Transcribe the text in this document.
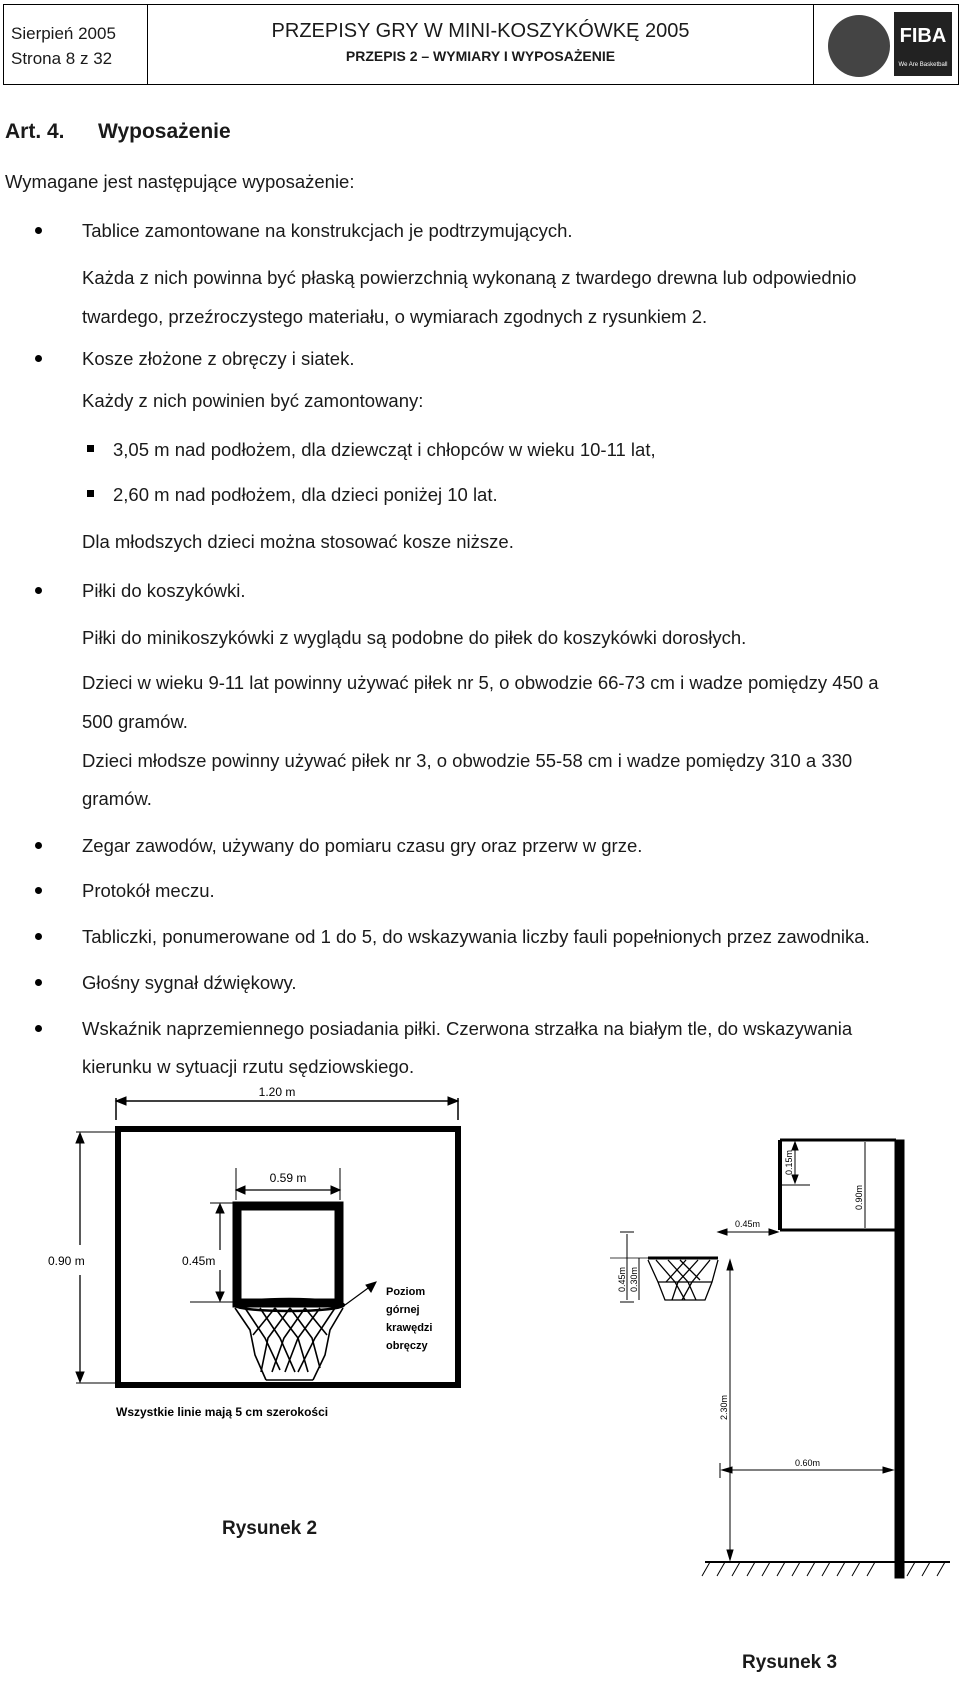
Sierpień 2005
Strona 8 z 32
PRZEPISY GRY W MINI-KOSZYKÓWKĘ 2005
PRZEPIS 2 – WYMIARY I WYPOSAŻENIE
FIBA
We Are Basketball
Art. 4. Wyposażenie
Wymagane jest następujące wyposażenie:
Tablice zamontowane na konstrukcjach je podtrzymujących.
Każda z nich powinna być płaską powierzchnią wykonaną z twardego drewna lub odpowiednio
twardego, przeźroczystego materiału, o wymiarach zgodnych z rysunkiem 2.
Kosze złożone z obręczy i siatek.
Każdy z nich powinien być zamontowany:
3,05 m nad podłożem, dla dziewcząt i chłopców w wieku 10-11 lat,
2,60 m nad podłożem, dla dzieci poniżej 10 lat.
Dla młodszych dzieci można stosować kosze niższe.
Piłki do koszykówki.
Piłki do minikoszykówki z wyglądu są podobne do piłek do koszykówki dorosłych.
Dzieci w wieku 9-11 lat powinny używać piłek nr 5, o obwodzie 66-73 cm i wadze pomiędzy 450 a
500 gramów.
Dzieci młodsze powinny używać piłek nr 3, o obwodzie 55-58 cm i wadze pomiędzy 310 a 330
gramów.
Zegar zawodów, używany do pomiaru czasu gry oraz przerw w grze.
Protokół meczu.
Tabliczki, ponumerowane od 1 do 5, do wskazywania liczby fauli popełnionych przez zawodnika.
Głośny sygnał dźwiękowy.
Wskaźnik naprzemiennego posiadania piłki. Czerwona strzałka na białym tle, do wskazywania
kierunku w sytuacji rzutu sędziowskiego.
1.20 m
0.90 m
0.59 m
0.45m
Poziom
górnej
krawędzi
obręczy
Wszystkie linie mają 5 cm szerokości
Rysunek 2
0.15m
0.45m
0.90m
0.45m 0.30m
2.30m
0.60m
Rysunek 3
